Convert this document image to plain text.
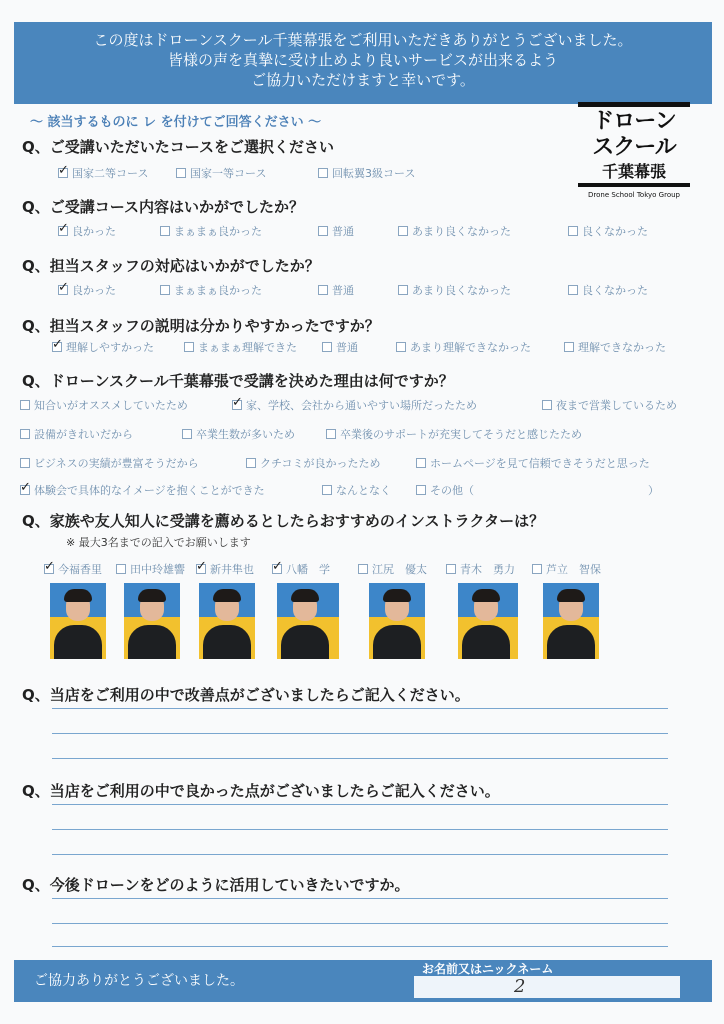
この度はドローンスクール千葉幕張をご利用いただきありがとうございました。
皆様の声を真摯に受け止めより良いサービスが出来るよう
ご協力いただけますと幸いです。
〜 該当するものに レ を付けてご回答ください 〜	ドローン
スクール
千葉幕張
Drone School Tokyo Group
Q、ご受講いただいたコースをご選択ください
✓国家二等コース	国家一等コース	回転翼3級コース
Q、ご受講コース内容はいかがでしたか？
✓良かった	まぁまぁ良かった	普通	あまり良くなかった	良くなかった
Q、担当スタッフの対応はいかがでしたか？
✓良かった	まぁまぁ良かった	普通	あまり良くなかった	良くなかった
Q、担当スタッフの説明は分かりやすかったですか？
✓理解しやすかった	まぁまぁ理解できた	普通	あまり理解できなかった	理解できなかった
Q、ドローンスクール千葉幕張で受講を決めた理由は何ですか？
知合いがオススメしていたため ✓	家、学校、会社から通いやすい場所だったため	夜まで営業しているため
設備がきれいだから	卒業生数が多いため	卒業後のサポートが充実してそうだと感じたため
ビジネスの実績が豊富そうだから	クチコミが良かったため	ホームページを見て信頼できそうだと思った
✓体験会で具体的なイメージを抱くことができた	なんとなく	その他（	）
Q、家族や友人知人に受講を薦めるとしたらおすすめのインストラクターは？
※ 最大3名までの記入でお願いします
✓今福香里	田中玲雄響 ✓	新井隼也 ✓	八幡　学	江尻　優太	青木　勇力	芦立　智保
Q、当店をご利用の中で改善点がございましたらご記入ください。
Q、当店をご利用の中で良かった点がございましたらご記入ください。
Q、今後ドローンをどのように活用していきたいですか。
ご協力ありがとうございました。
お名前又はニックネーム
2
